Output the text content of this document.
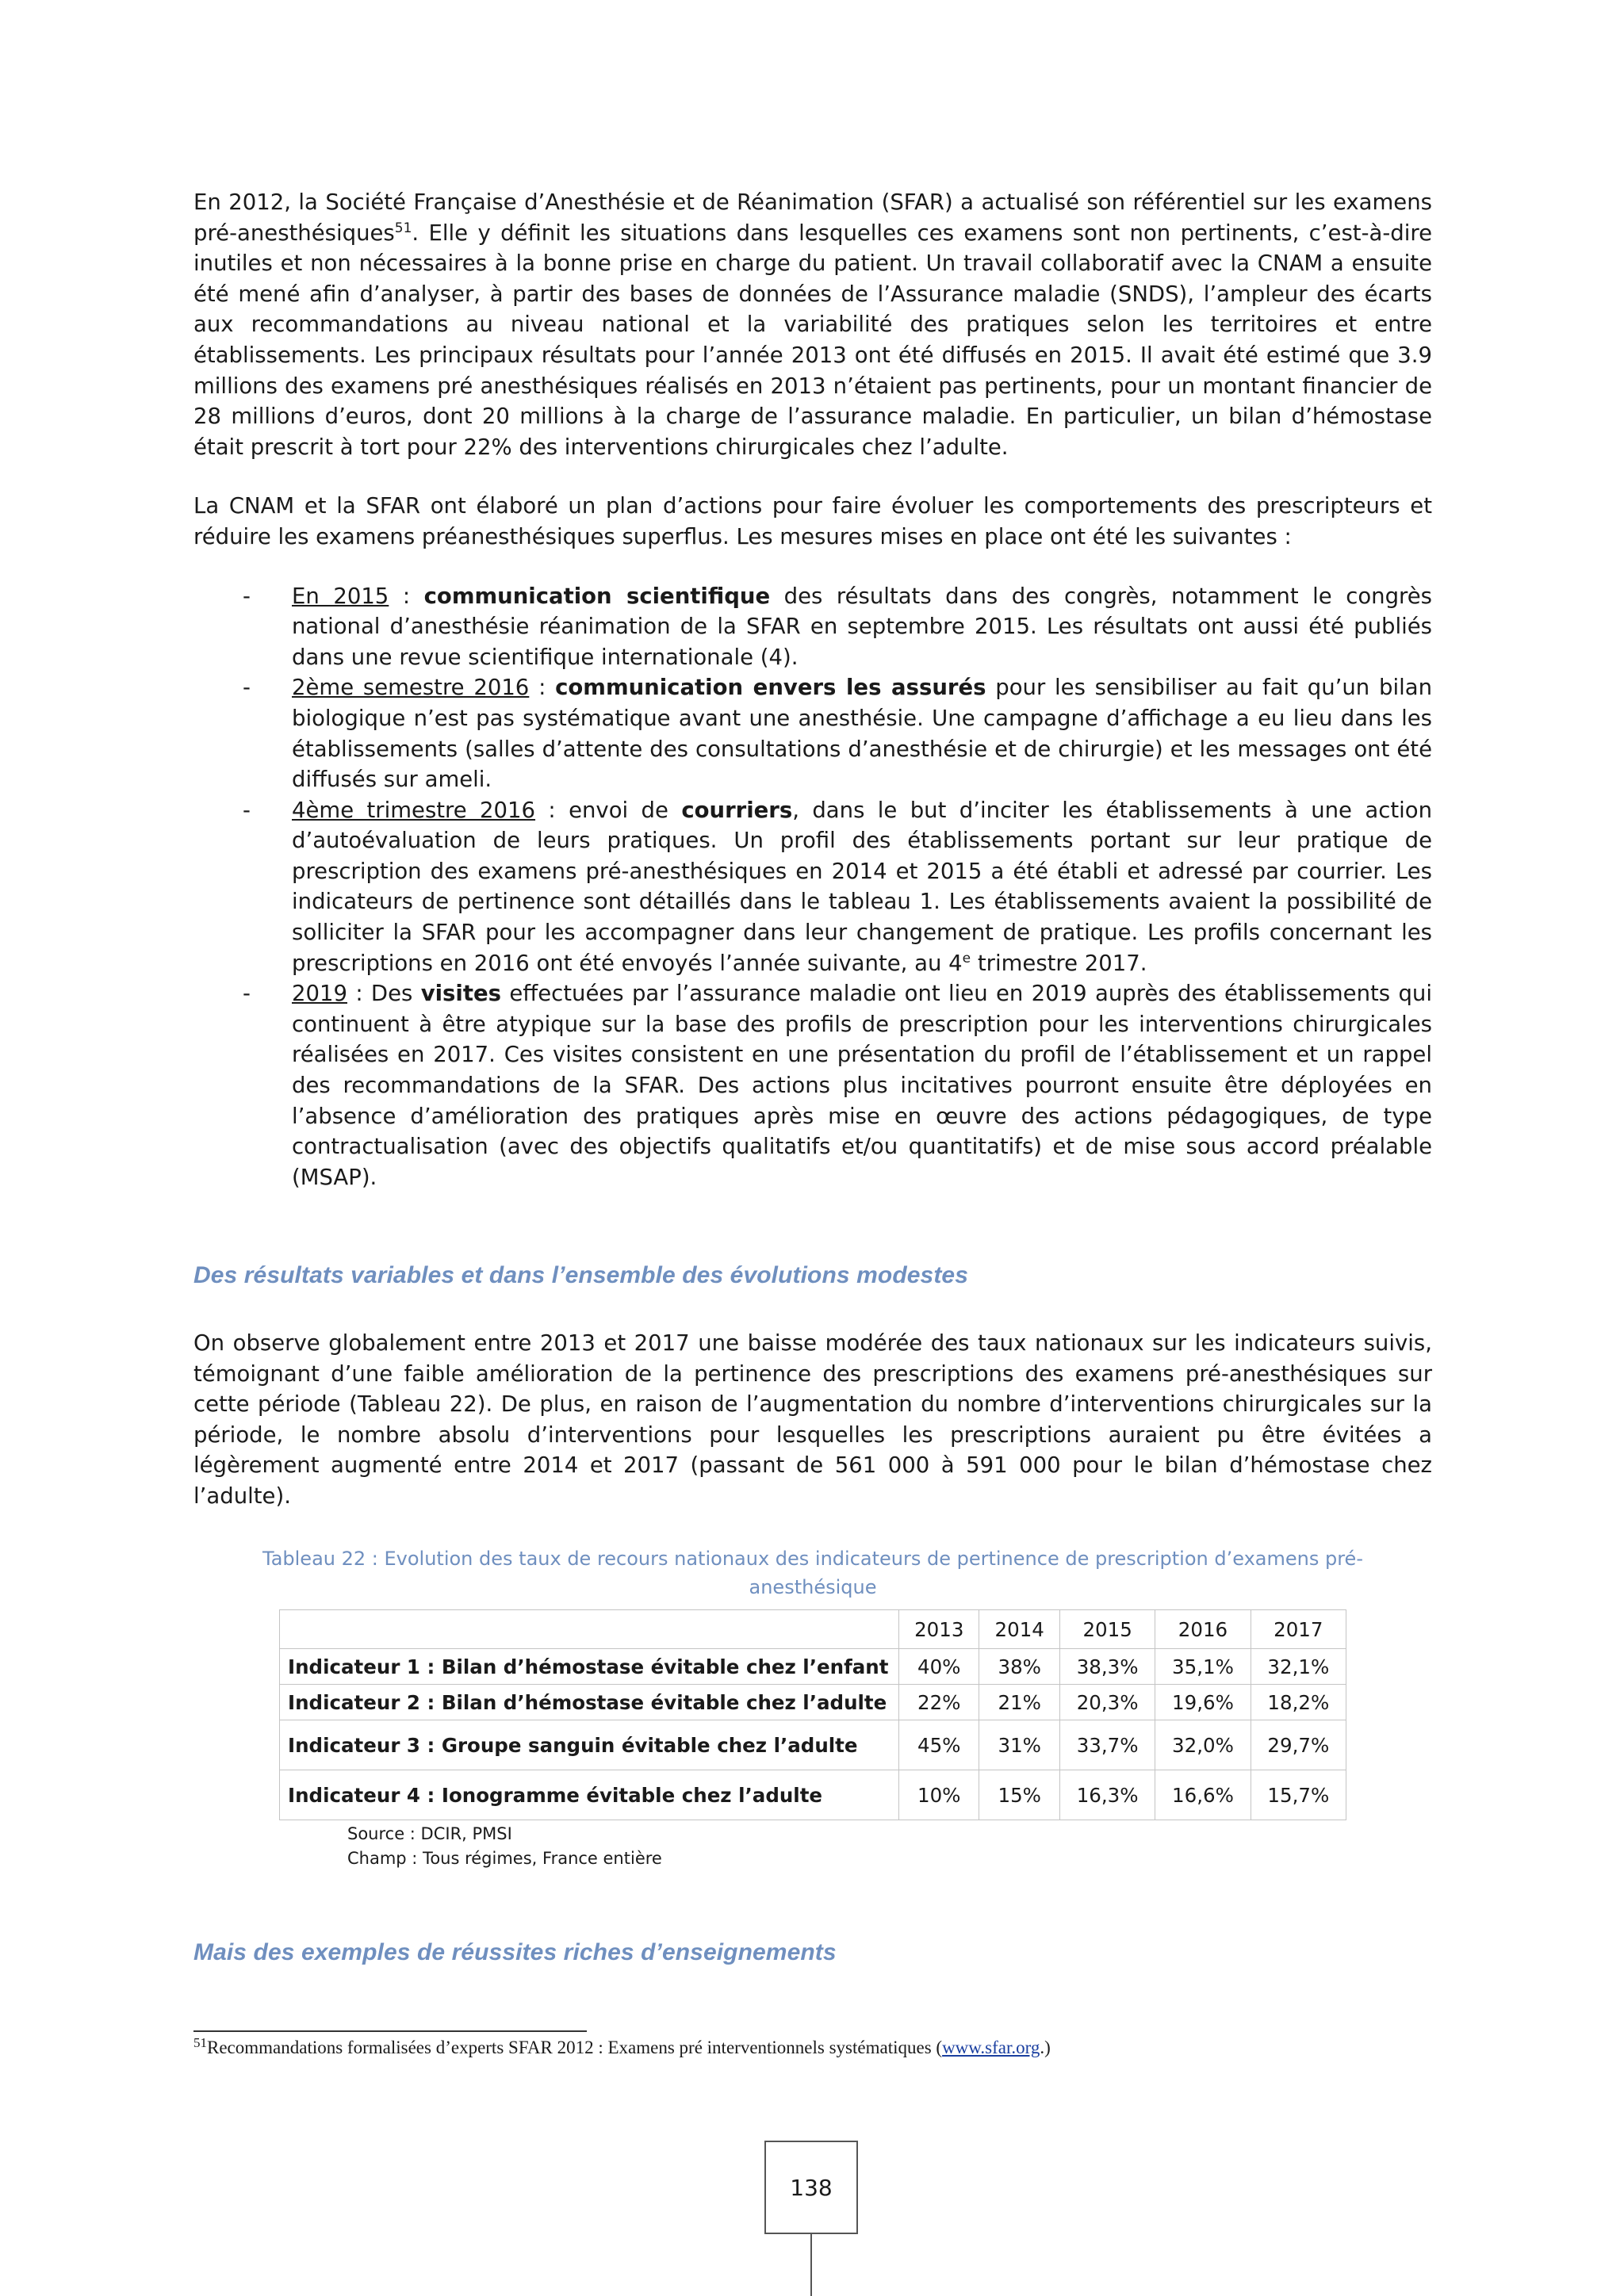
En 2012, la Société Française d’Anesthésie et de Réanimation (SFAR) a actualisé son référentiel sur les examens pré-anesthésiques$^{51}$. Elle y définit les situations dans lesquelles ces examens sont non pertinents, c’est-à-dire inutiles et non nécessaires à la bonne prise en charge du patient. Un travail collaboratif avec la CNAM a ensuite été mené afin d’analyser, à partir des bases de données de l’Assurance maladie (SNDS), l’ampleur des écarts aux recommandations au niveau national et la variabilité des pratiques selon les territoires et entre établissements. Les principaux résultats pour l’année 2013 ont été diffusés en 2015. Il avait été estimé que 3.9 millions des examens pré anesthésiques réalisés en 2013 n’étaient pas pertinents, pour un montant financier de 28 millions d’euros, dont 20 millions à la charge de l’assurance maladie. En particulier, un bilan d’hémostase était prescrit à tort pour 22% des interventions chirurgicales chez l’adulte.

La CNAM et la SFAR ont élaboré un plan d’actions pour faire évoluer les comportements des prescripteurs et réduire les examens préanesthésiques superflus. Les mesures mises en place ont été les suivantes :

- En 2015 : communication scientifique des résultats dans des congrès, notamment le congrès national d’anesthésie réanimation de la SFAR en septembre 2015. Les résultats ont aussi été publiés dans une revue scientifique internationale (4).
- 2ème semestre 2016 : communication envers les assurés pour les sensibiliser au fait qu’un bilan biologique n’est pas systématique avant une anesthésie. Une campagne d’affichage a eu lieu dans les établissements (salles d’attente des consultations d’anesthésie et de chirurgie) et les messages ont été diffusés sur ameli.
- 4ème trimestre 2016 : envoi de courriers, dans le but d’inciter les établissements à une action d’autoévaluation de leurs pratiques. Un profil des établissements portant sur leur pratique de prescription des examens pré-anesthésiques en 2014 et 2015 a été établi et adressé par courrier. Les indicateurs de pertinence sont détaillés dans le tableau 1. Les établissements avaient la possibilité de solliciter la SFAR pour les accompagner dans leur changement de pratique. Les profils concernant les prescriptions en 2016 ont été envoyés l’année suivante, au 4e trimestre 2017.
- 2019 : Des visites effectuées par l’assurance maladie ont lieu en 2019 auprès des établissements qui continuent à être atypique sur la base des profils de prescription pour les interventions chirurgicales réalisées en 2017. Ces visites consistent en une présentation du profil de l’établissement et un rappel des recommandations de la SFAR. Des actions plus incitatives pourront ensuite être déployées en l’absence d’amélioration des pratiques après mise en œuvre des actions pédagogiques, de type contractualisation (avec des objectifs qualitatifs et/ou quantitatifs) et de mise sous accord préalable (MSAP).
Des résultats variables et dans l’ensemble des évolutions modestes

On observe globalement entre 2013 et 2017 une baisse modérée des taux nationaux sur les indicateurs suivis, témoignant d’une faible amélioration de la pertinence des prescriptions des examens pré-anesthésiques sur cette période (Tableau 22). De plus, en raison de l’augmentation du nombre d’interventions chirurgicales sur la période, le nombre absolu d’interventions pour lesquelles les prescriptions auraient pu être évitées a légèrement augmenté entre 2014 et 2017 (passant de 561 000 à 591 000 pour le bilan d’hémostase chez l’adulte).

Tableau 22 : Evolution des taux de recours nationaux des indicateurs de pertinence de prescription d’examens pré-anesthésique
	2013	2014	2015	2016	2017
Indicateur 1 : Bilan d’hémostase évitable chez l’enfant	40%	38%	38,3%	35,1%	32,1%
Indicateur 2 : Bilan d’hémostase évitable chez l’adulte	22%	21%	20,3%	19,6%	18,2%
Indicateur 3 : Groupe sanguin évitable chez l’adulte	45%	31%	33,7%	32,0%	29,7%
Indicateur 4 : Ionogramme évitable chez l’adulte	10%	15%	16,3%	16,6%	15,7%
Source : DCIR, PMSI
Champ : Tous régimes, France entière
Mais des exemples de réussites riches d’enseignements
$^{51}$Recommandations formalisées d’experts SFAR 2012 : Examens pré interventionnels systématiques (www.sfar.org.)
138
